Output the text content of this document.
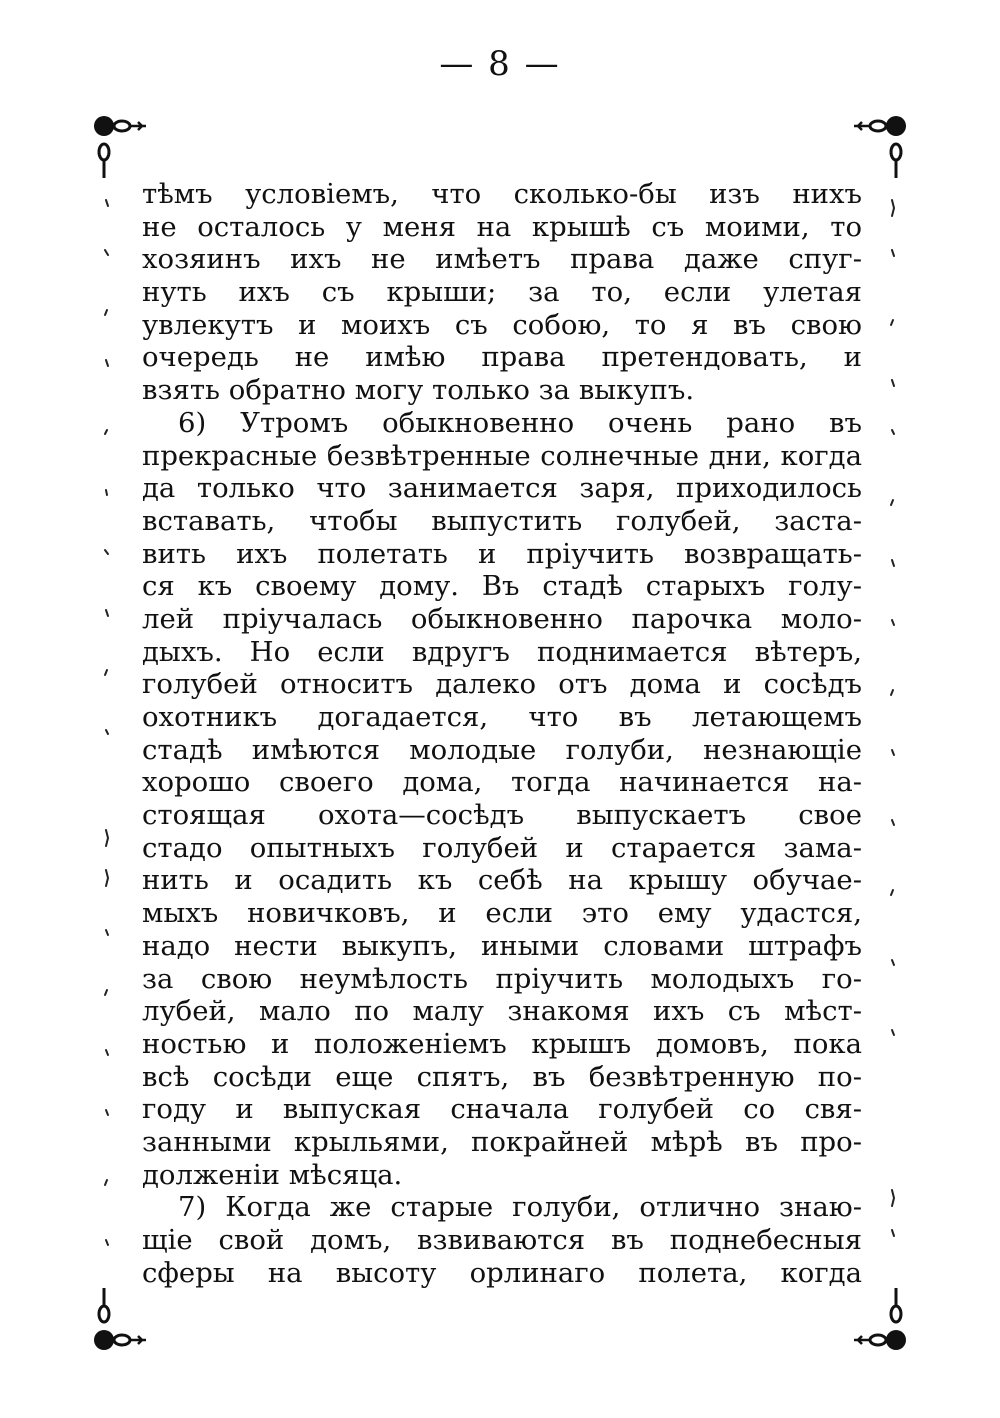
— 8 —
тѣмъ условіемъ, что сколько-бы изъ нихъ
не осталось у меня на крышѣ съ моими, то
хозяинъ ихъ не имѣетъ права даже спуг-
нуть ихъ съ крыши; за то, если улетая
увлекутъ и моихъ съ собою, то я въ свою
очередь не имѣю права претендовать, и
взять обратно могу только за выкупъ.
6) Утромъ обыкновенно очень рано въ
прекрасные безвѣтренные солнечные дни, когда
да только что занимается заря, приходилось
вставать, чтобы выпустить голубей, заста-
вить ихъ полетать и пріучить возвращать-
ся къ своему дому. Въ стадѣ старыхъ голу-
лей пріучалась обыкновенно парочка моло-
дыхъ. Но если вдругъ поднимается вѣтеръ,
голубей относитъ далеко отъ дома и сосѣдъ
охотникъ догадается, что въ летающемъ
стадѣ имѣются молодые голуби, незнающіе
хорошо своего дома, тогда начинается на-
стоящая охота—сосѣдъ выпускаетъ свое
стадо опытныхъ голубей и старается зама-
нить и осадить къ себѣ на крышу обучае-
мыхъ новичковъ, и если это ему удастся,
надо нести выкупъ, иными словами штрафъ
за свою неумѣлость пріучить молодыхъ го-
лубей, мало по малу знакомя ихъ съ мѣст-
ностью и положеніемъ крышъ домовъ, пока
всѣ сосѣди еще спятъ, въ безвѣтренную по-
году и выпуская сначала голубей со свя-
занными крыльями, покрайней мѣрѣ въ про-
долженіи мѣсяца.
7) Когда же старые голуби, отлично знаю-
щіе свой домъ, взвиваются въ поднебесныя
сферы на высоту орлинаго полета, когда
